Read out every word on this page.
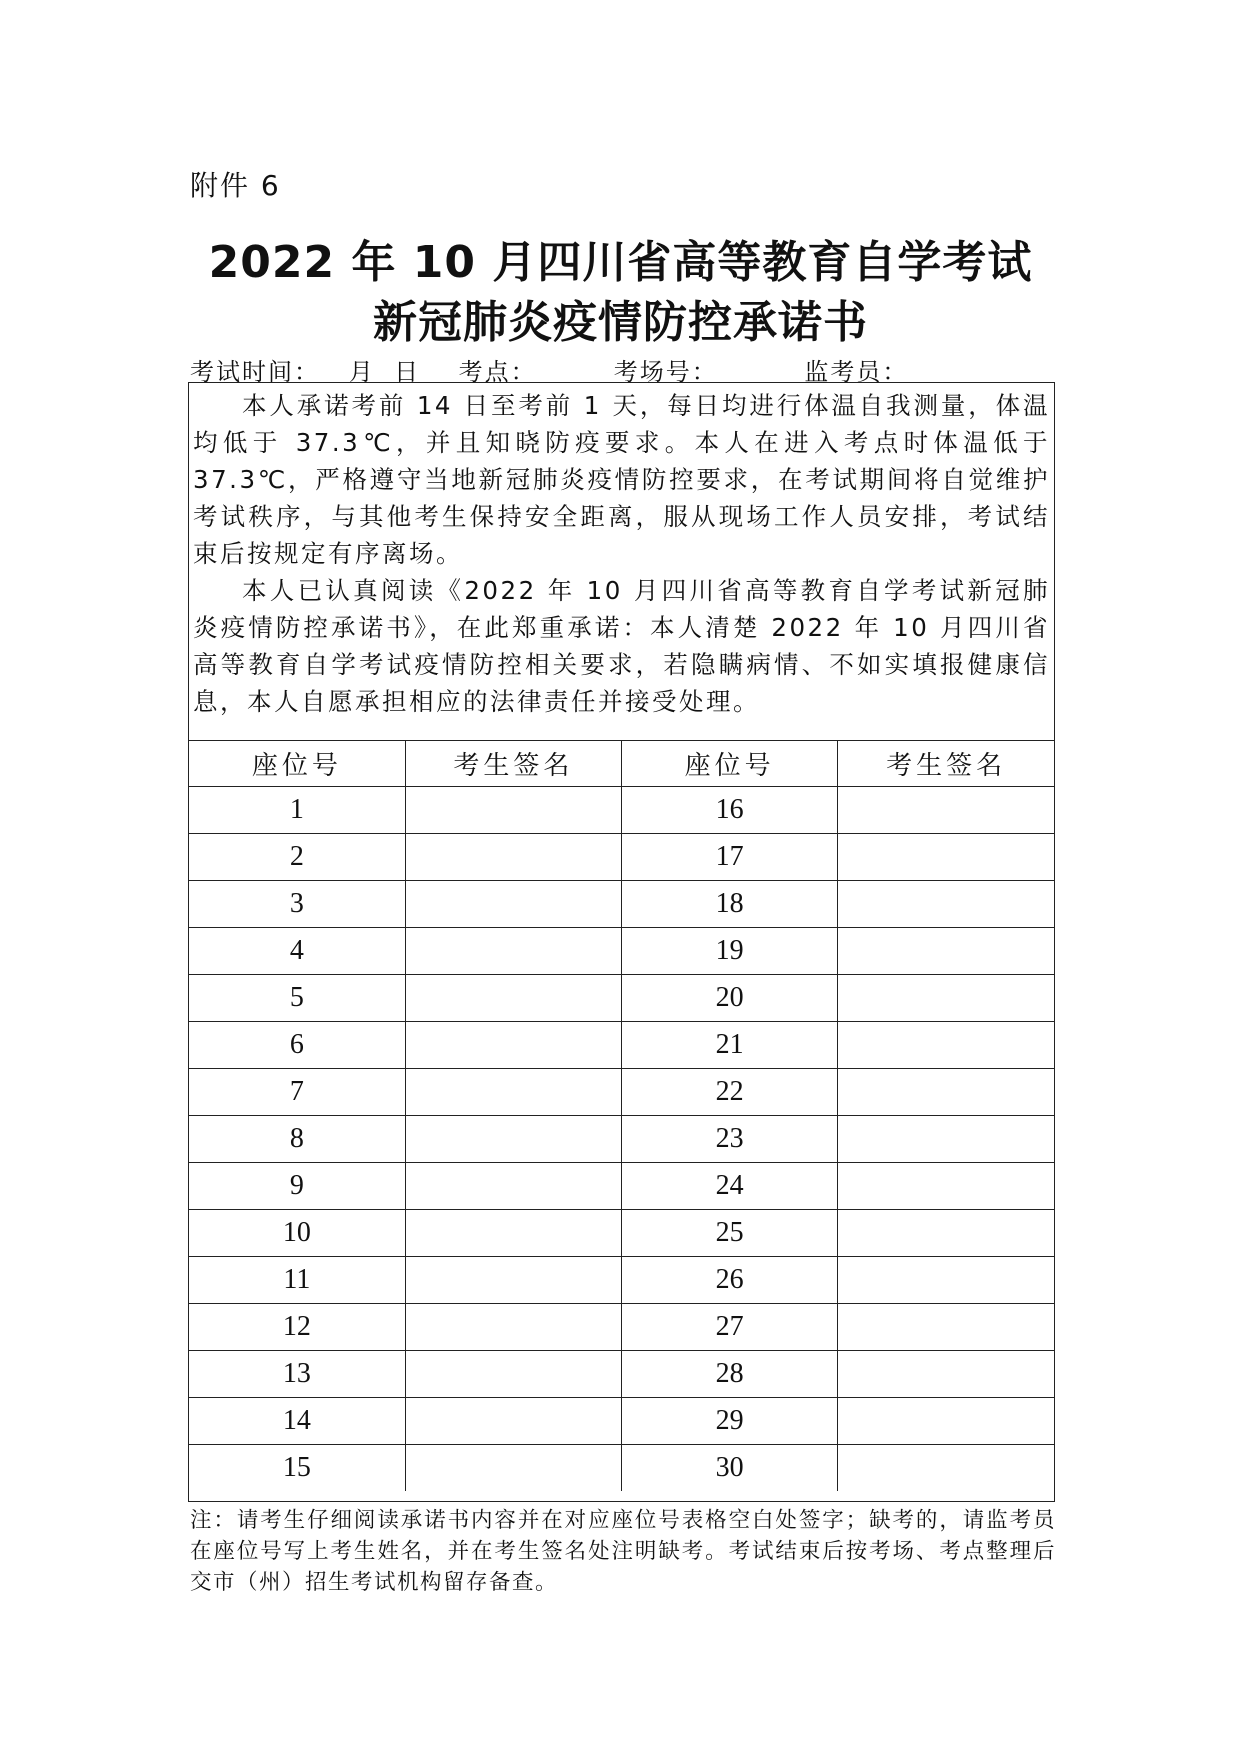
附件 6
2022 年 10 月四川省高等教育自学考试
新冠肺炎疫情防控承诺书
考试时间： 月 日 考点：	考场号：	监考员：

本人承诺考前 14 日至考前 1 天，每日均进行体温自我测量，体温均低于 37.3℃，并且知晓防疫要求。本人在进入考点时体温低于 37.3℃，严格遵守当地新冠肺炎疫情防控要求，在考试期间将自觉维护考试秩序，与其他考生保持安全距离，服从现场工作人员安排，考试结束后按规定有序离场。

本人已认真阅读《2022 年 10 月四川省高等教育自学考试新冠肺炎疫情防控承诺书》，在此郑重承诺：本人清楚 2022 年 10 月四川省高等教育自学考试疫情防控相关要求，若隐瞒病情、不如实填报健康信息，本人自愿承担相应的法律责任并接受处理。

座位号	考生签名	座位号	考生签名
1		16	
2		17	
3		18	
4		19	
5		20	
6		21	
7		22	
8		23	
9		24	
10		25	
11		26	
12		27	
13		28	
14		29	
15		30	
注：请考生仔细阅读承诺书内容并在对应座位号表格空白处签字；缺考的，请监考员在座位号写上考生姓名，并在考生签名处注明缺考。考试结束后按考场、考点整理后交市（州）招生考试机构留存备查。
